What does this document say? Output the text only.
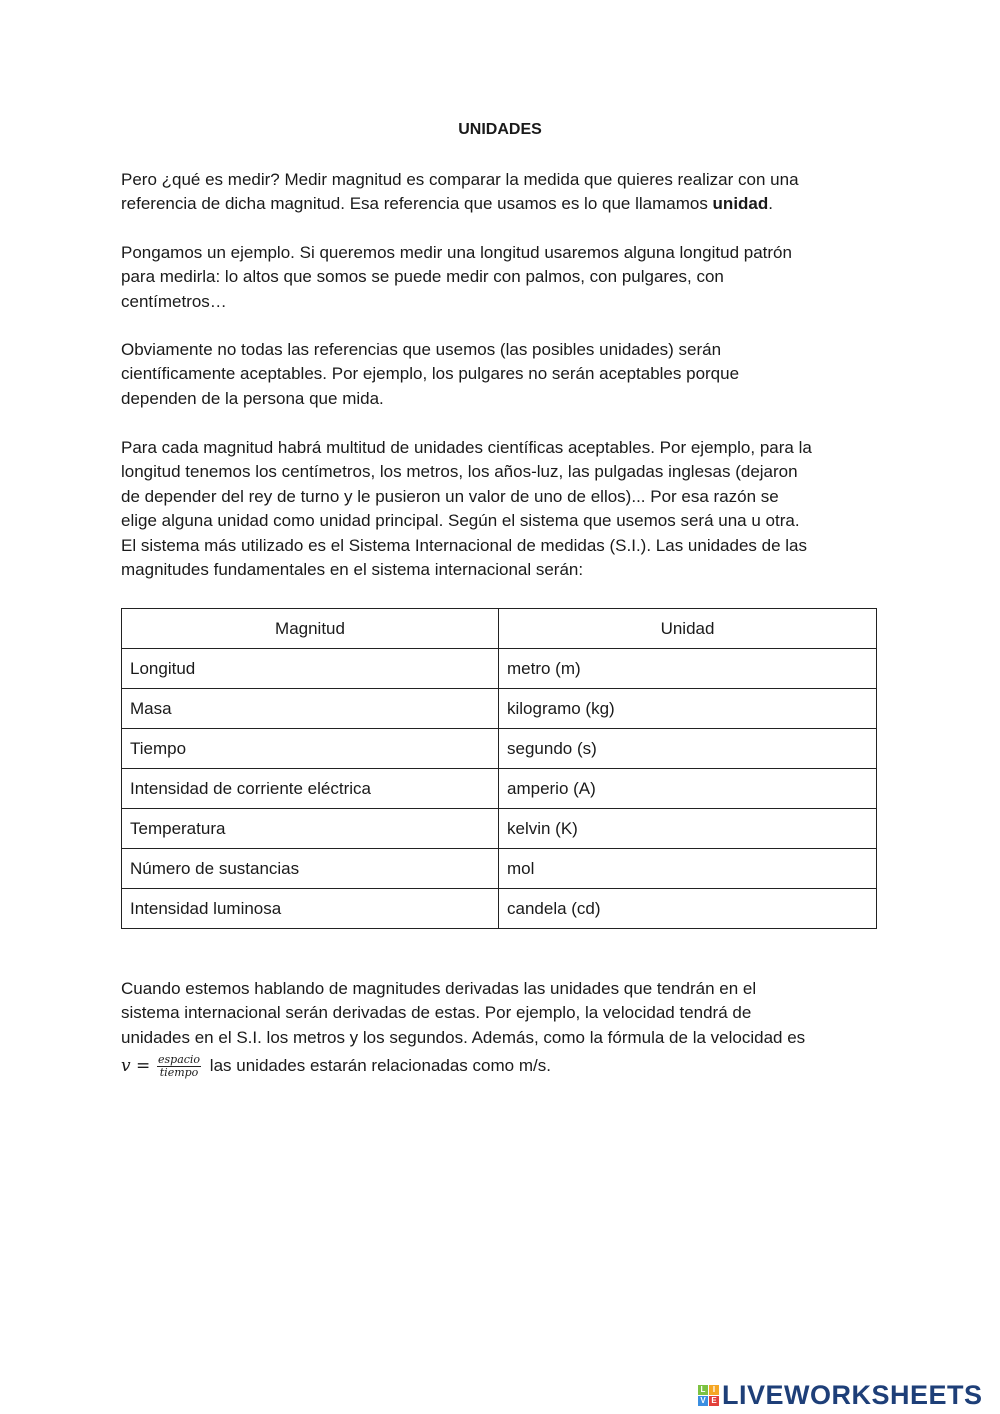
UNIDADES
Pero ¿qué es medir? Medir magnitud es comparar la medida que quieres realizar con una
referencia de dicha magnitud. Esa referencia que usamos es lo que llamamos unidad.
Pongamos un ejemplo. Si queremos medir una longitud usaremos alguna longitud patrón
para medirla: lo altos que somos se puede medir con palmos, con pulgares, con
centímetros…
Obviamente no todas las referencias que usemos (las posibles unidades) serán
científicamente aceptables. Por ejemplo, los pulgares no serán aceptables porque
dependen de la persona que mida.
Para cada magnitud habrá multitud de unidades científicas aceptables. Por ejemplo, para la
longitud tenemos los centímetros, los metros, los años-luz, las pulgadas inglesas (dejaron
de depender del rey de turno y le pusieron un valor de uno de ellos)... Por esa razón se
elige alguna unidad como unidad principal. Según el sistema que usemos será una u otra.
El sistema más utilizado es el Sistema Internacional de medidas (S.I.). Las unidades de las
magnitudes fundamentales en el sistema internacional serán:
Magnitud	Unidad
Longitud	metro (m)
Masa	kilogramo (kg)
Tiempo	segundo (s)
Intensidad de corriente eléctrica	amperio (A)
Temperatura	kelvin (K)
Número de sustancias	mol
Intensidad luminosa	candela (cd)
Cuando estemos hablando de magnitudes derivadas las unidades que tendrán en el
sistema internacional serán derivadas de estas. Por ejemplo, la velocidad tendrá de
unidades en el S.I. los metros y los segundos. Además, como la fórmula de la velocidad es
$v = \frac{\text{espacio}}{\text{tiempo}}$ las unidades estarán relacionadas como m/s.
L I
V E LIVEWORKSHEETS
